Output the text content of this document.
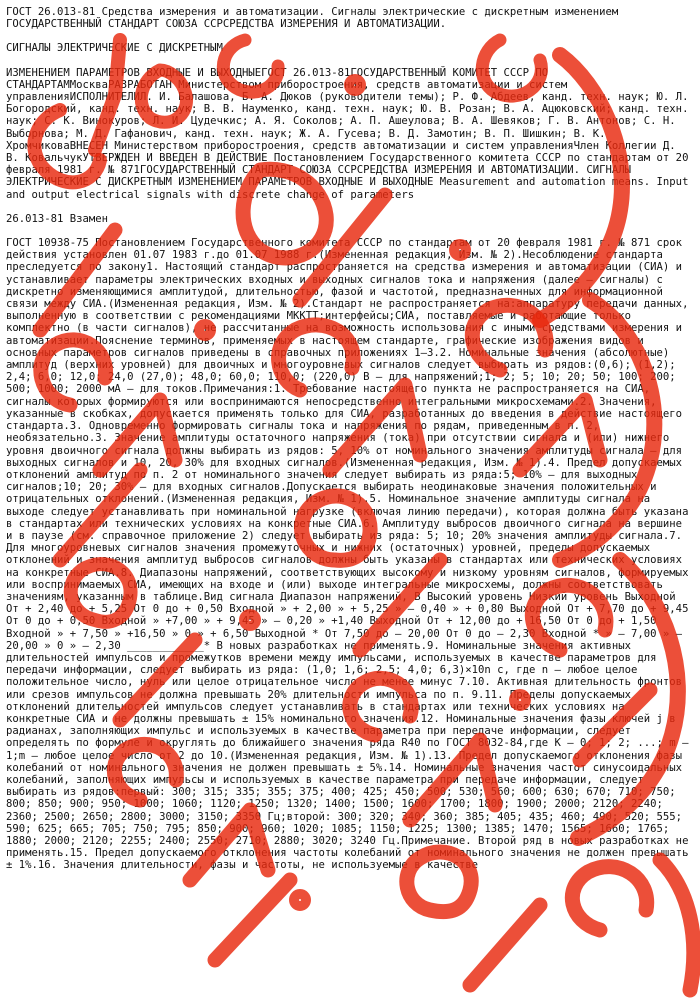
ГОСТ 26.013-81 Средства измерения и автоматизации. Сигналы электрические с дискретным изменением

ГОСУДАРСТВЕННЫЙ СТАНДАРТ СОЮЗА ССРСРЕДСТВА ИЗМЕРЕНИЯ И АВТОМАТИЗАЦИИ.

СИГНАЛЫ ЭЛЕКТРИЧЕСКИЕ С ДИСКРЕТНЫМ

ИЗМЕНЕНИЕМ ПАРАМЕТРОВ ВХОДНЫЕ И ВЫХОДНЫЕГОСТ 26.013-81ГОСУДАРСТВЕННЫЙ КОМИТЕТ СССР ПО СТАНДАРТАММоскваРАЗРАБОТАН Министерством приборостроения, средств автоматизации и систем управленияИСПОЛНИТЕЛИЛ. И. Балашова, Б. А. Дюков (руководители темы); Р. Ф. Абдеев, канд. техн. наук; Ю. Л. Богородский, канд. техн. наук; В. В. Науменко, канд. техн. наук; Ю. В. Розан; В. А. Ацюковский; канд. техн. наук; С. К. Винокуров; Л. И. Цудечкис; А. Я. Соколов; А. П. Ашеулова; В. А. Шевяков; Г. В. Антонов; С. Н. Выборнова; М. Д. Гафанович, канд. техн. наук; Ж. А. Гусева; В. Д. Замотин; В. П. Шишкин; В. К. ХромчиковаВНЕСЕН Министерством приборостроения, средств автоматизации и систем управленияЧлен Коллегии Д. В. КовальчукУТВЕРЖДЕН И ВВЕДЕН В ДЕЙСТВИЕ Постановлением Государственного комитета СССР по стандартам от 20 февраля 1981 г. № 871ГОСУДАРСТВЕННЫЙ СТАНДАРТ СОЮЗА ССРСРЕДСТВА ИЗМЕРЕНИЯ И АВТОМАТИЗАЦИИ. СИГНАЛЫ ЭЛЕКТРИЧЕСКИЕ С ДИСКРЕТНЫМ ИЗМЕНЕНИЕМ ПАРАМЕТРОВ ВХОДНЫЕ И ВЫХОДНЫЕ Measurement and automation means. Input and output electrical signals with discrete change of parameters

26.013-81 Взамен

ГОСТ 10938-75 Постановлением Государственного комитета СССР по стандартам от 20 февраля 1981 г. № 871 срок действия установлен 01.07 1983 г.до 01.07 1988 г.(Измененная редакция, Изм. № 2).Несоблюдение стандарта преследуется по закону1. Настоящий стандарт распространяется на средства измерения и автоматизации (СИА) и устанавливает параметры электрических входных и выходных сигналов тока и напряжения (далее — сигналы) с дискретно изменяющимися амплитудой, длительностью, фазой и частотой, предназначенных для информационной связи между СИА.(Измененная редакция, Изм. № 2).Стандарт не распространяется на:аппаратуру передачи данных, выполненную в соответствии с рекомендациями МККТТ;интерфейсы;СИА, поставляемые и работающие только комплектно (в части сигналов), не рассчитанные на возможность использования с иными средствами измерения и автоматизации.Пояснение терминов, применяемых в настоящем стандарте, графические изображения видов и основных параметров сигналов приведены в справочных приложениях 1—3.2. Номинальные значения (абсолютные) амплитуд (верхних уровней) для двоичных и многоуровневых сигналов следует выбирать из рядов:(0,6); (1,2); 2,4; 6,0; 12,0; 24,0 (27,0); 48,0; 60,0; 110,0; (220,0) В — для напряжений;1; 2; 5; 10; 20; 50; 100; 200; 500; 1000; 2000 мА — для токов.Примечания:1. Требование настоящего пункта не распространяется на СИА, сигналы которых формируются или воспринимаются непосредственно интегральными микросхемами.2. Значения, указанные в скобках, допускается применять только для СИА, разработанных до введения в действие настоящего стандарта.3. Одновременно формировать сигналы тока и напряжения по рядам, приведенным в п. 2, необязательно.3. Значение амплитуды остаточного напряжения (тока) при отсутствии сигнала и (или) нижнего уровня двоичного сигнала должны выбирать из рядов: 5, 10% от номинального значения амплитуды сигнала — для выходных сигналов и 10, 20, 30% для входных сигналов.(Измененная редакция, Изм. № 1).4. Предел допускаемых отклонений амплитуд по п. 2 от номинального значения следует выбирать из ряда:5; 10% — для выходных сигналов;10; 20; 30% — для входных сигналов.Допускается выбирать неодинаковые значения положительных и отрицательных отклонений.(Измененная редакция, Изм. № 1).5. Номинальное значение амплитуды сигнала на выходе следует устанавливать при номинальной нагрузке (включая линию передачи), которая должна быть указана в стандартах или технических условиях на конкретные СИА.6. Амплитуду выбросов двоичного сигнала на вершине и в паузе (см. справочное приложение 2) следует выбирать из ряда: 5; 10; 20% значения амплитуды сигнала.7. Для многоуровневых сигналов значения промежуточных и нижних (остаточных) уровней, пределы допускаемых отклонений и значения амплитуд выбросов сигналов должны быть указаны в стандартах или технических условиях на конкретные СИА.8. Диапазоны напряжений, соответствующих высокому и низкому уровням сигналов, формируемых или воспринимаемых СИА, имеющих на входе и (или) выходе интегральные микросхемы, должны соответствовать значениям, указанным в таблице.Вид сигнала Диапазон напряжений, В Высокий уровень Низкий уровень Выходной От + 2,40 до + 5,25 От 0 до + 0,50 Входной » + 2,00 » + 5,25 » — 0,40 » + 0,80 Выходной От + 7,70 до + 9,45 От 0 до + 0,50 Входной » +7,00 » + 9,45 » — 0,20 » +1,40 Выходной От + 12,00 до + 16,50 От 0 до + 1,50 Входной » + 7,50 » +16,50 » 0 » + 6,50 Выходной * От 7,50 до — 20,00 От 0 до — 2,30 Входной * » — 7,00 » — 20,00 » 0 » — 2,30 ____________* В новых разработках не применять.9. Номинальные значения активных длительностей импульсов и промежутков времени между импульсами, используемых в качестве параметров для передачи информации, следует выбирать из ряда: (1,0; 1,6; 2,5; 4,0; 6,3)×10n с, где n — любое целое положительное число, нуль или целое отрицательное число не менее минус 7.10. Активная длительность фронтов или срезов импульсов не должна превышать 20% длительности импульса по п. 9.11. Пределы допускаемых отклонений длительностей импульсов следует устанавливать в стандартах или технических условиях на конкретные СИА и не должны превышать ± 15% номинального значения.12. Номинальные значения фазы ключей j в радианах, заполняющих импульс и используемых в качестве параметра при передаче информации, следует определять по формуле и округлять до ближайшего значения ряда R40 по ГОСТ 8032-84,где K — 0; 1; 2; ...; m — 1;m — любое целое число от 2 до 10.(Измененная редакция, Изм. № 1).13. Предел допускаемого отклонения фазы колебаний от номинального значения не должен превышать ± 5%.14. Номинальные значения частот синусоидальных колебаний, заполняющих импульсы и используемых в качестве параметра при передаче информации, следует выбирать из рядов:первый: 300; 315; 335; 355; 375; 400; 425; 450; 500; 530; 560; 600; 630; 670; 710; 750; 800; 850; 900; 950; 1000; 1060; 1120; 1250; 1320; 1400; 1500; 1600; 1700; 1800; 1900; 2000; 2120; 2240; 2360; 2500; 2650; 2800; 3000; 3150; 3350 Гц;второй: 300; 320; 340; 360; 385; 405; 435; 460; 490; 520; 555; 590; 625; 665; 705; 750; 795; 850; 900; 960; 1020; 1085; 1150; 1225; 1300; 1385; 1470; 1565; 1660; 1765; 1880; 2000; 2120; 2255; 2400; 2550; 2710; 2880; 3020; 3240 Гц.Примечание. Второй ряд в новых разработках не применять.15. Предел допускаемого отклонения частоты колебаний от номинального значения не должен превышать ± 1%.16. Значения длительности, фазы и частоты, не используемые в качестве
